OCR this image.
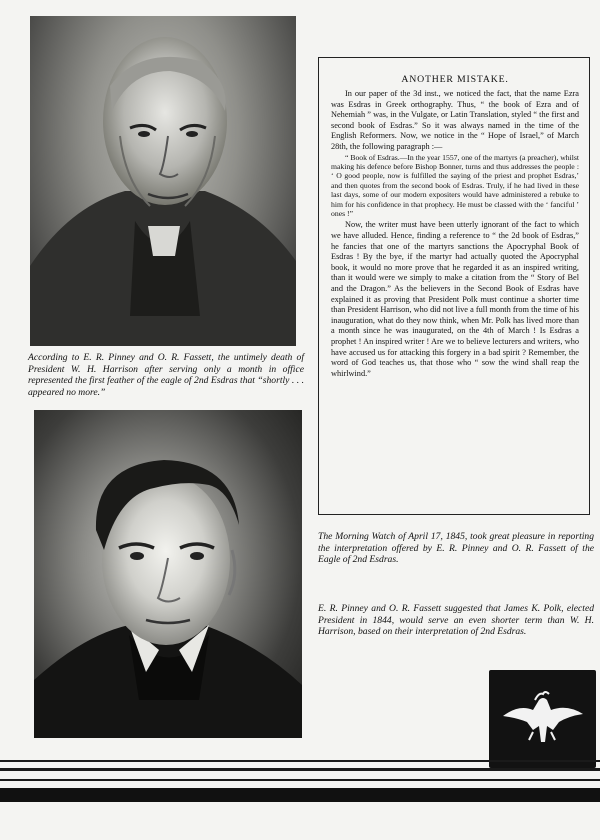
According to E. R. Pinney and O. R. Fassett, the untimely death of President W. H. Harrison after serving only a month in office represented the first feather of the eagle of 2nd Esdras that “shortly . . . appeared no more.”

ANOTHER MISTAKE.

In our paper of the 3d inst., we noticed the fact, that the name Ezra was Esdras in Greek orthography. Thus, “ the book of Ezra and of Nehemiah ” was, in the Vulgate, or Latin Translation, styled “ the first and second book of Esdras.” So it was always named in the time of the English Reformers. Now, we notice in the “ Hope of Israel,” of March 28th, the following paragraph :—

“ Book of Esdras.—In the year 1557, one of the martyrs (a preacher), whilst making his defence before Bishop Bonner, turns and thus addresses the people : ‘ O good people, now is fulfilled the saying of the priest and prophet Esdras,’ and then quotes from the second book of Esdras. Truly, if he had lived in these last days, some of our modern expositers would have administered a rebuke to him for his confidence in that prophecy. He must be classed with the ‘ fanciful ’ ones !”

Now, the writer must have been utterly ignorant of the fact to which we have alluded. Hence, finding a reference to “ the 2d book of Esdras,” he fancies that one of the martyrs sanctions the Apocryphal Book of Esdras ! By the bye, if the martyr had actually quoted the Apocryphal book, it would no more prove that he regarded it as an inspired writing, than it would were we simply to make a citation from the “ Story of Bel and the Dragon.” As the believers in the Second Book of Esdras have explained it as proving that President Polk must continue a shorter time than President Harrison, who did not live a full month from the time of his inauguration, what do they now think, when Mr. Polk has lived more than a month since he was inaugurated, on the 4th of March ! Is Esdras a prophet ! An inspired writer ! Are we to believe lecturers and writers, who have accused us for attacking this forgery in a bad spirit ? Remember, the word of God teaches us, that those who “ sow the wind shall reap the whirlwind.”

The Morning Watch of April 17, 1845, took great pleasure in reporting the interpretation offered by E. R. Pinney and O. R. Fassett of the Eagle of 2nd Esdras.

E. R. Pinney and O. R. Fassett suggested that James K. Polk, elected President in 1844, would serve an even shorter term than W. H. Harrison, based on their interpretation of 2nd Esdras.
